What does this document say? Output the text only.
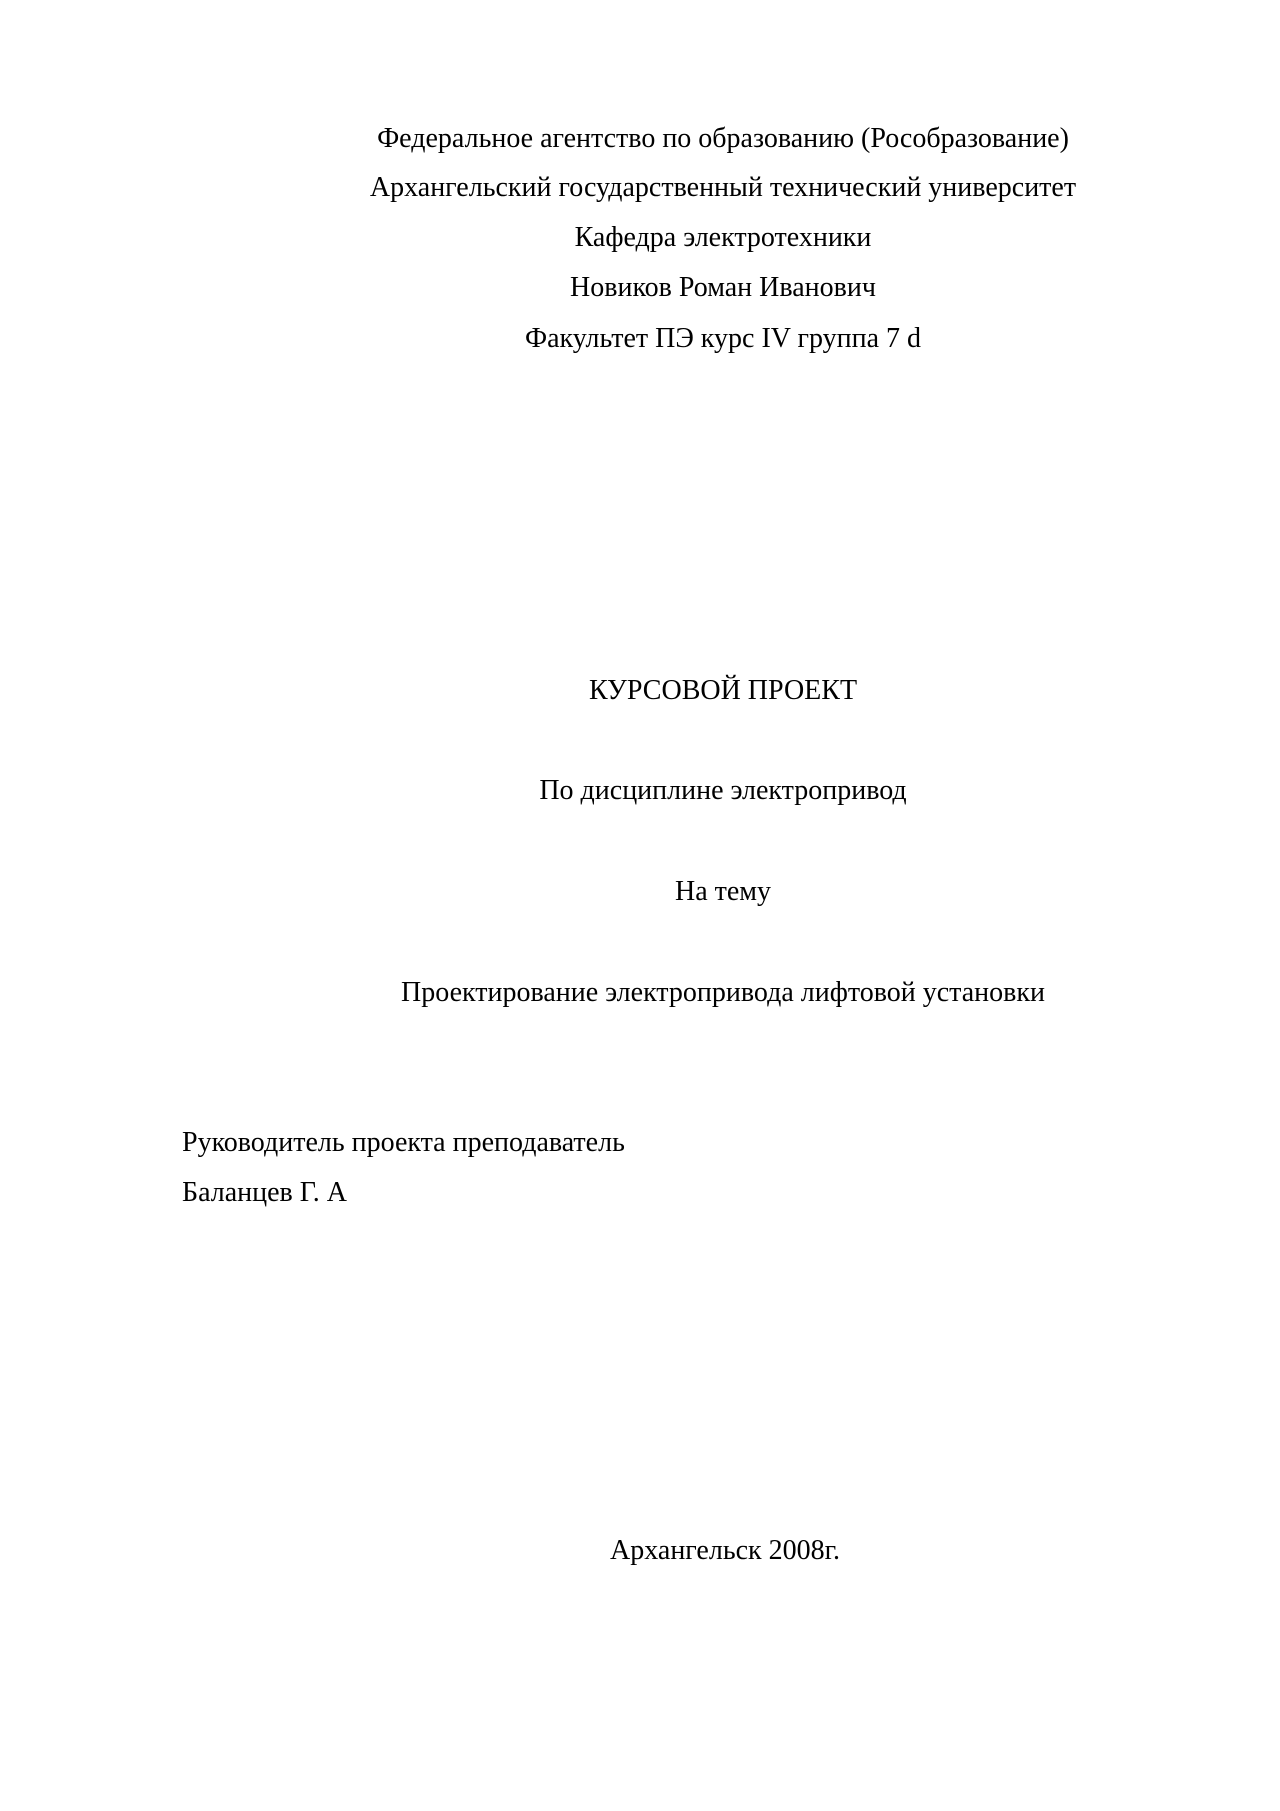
Федеральное агентство по образованию (Рособразование)
Архангельский государственный технический университет
Кафедра электротехники
Новиков Роман Иванович
Факультет ПЭ курс IV группа 7 d
КУРСОВОЙ ПРОЕКТ
По дисциплине электропривод
На тему
Проектирование электропривода лифтовой установки
Руководитель проекта преподаватель
Баланцев Г. А
Архангельск 2008г.
